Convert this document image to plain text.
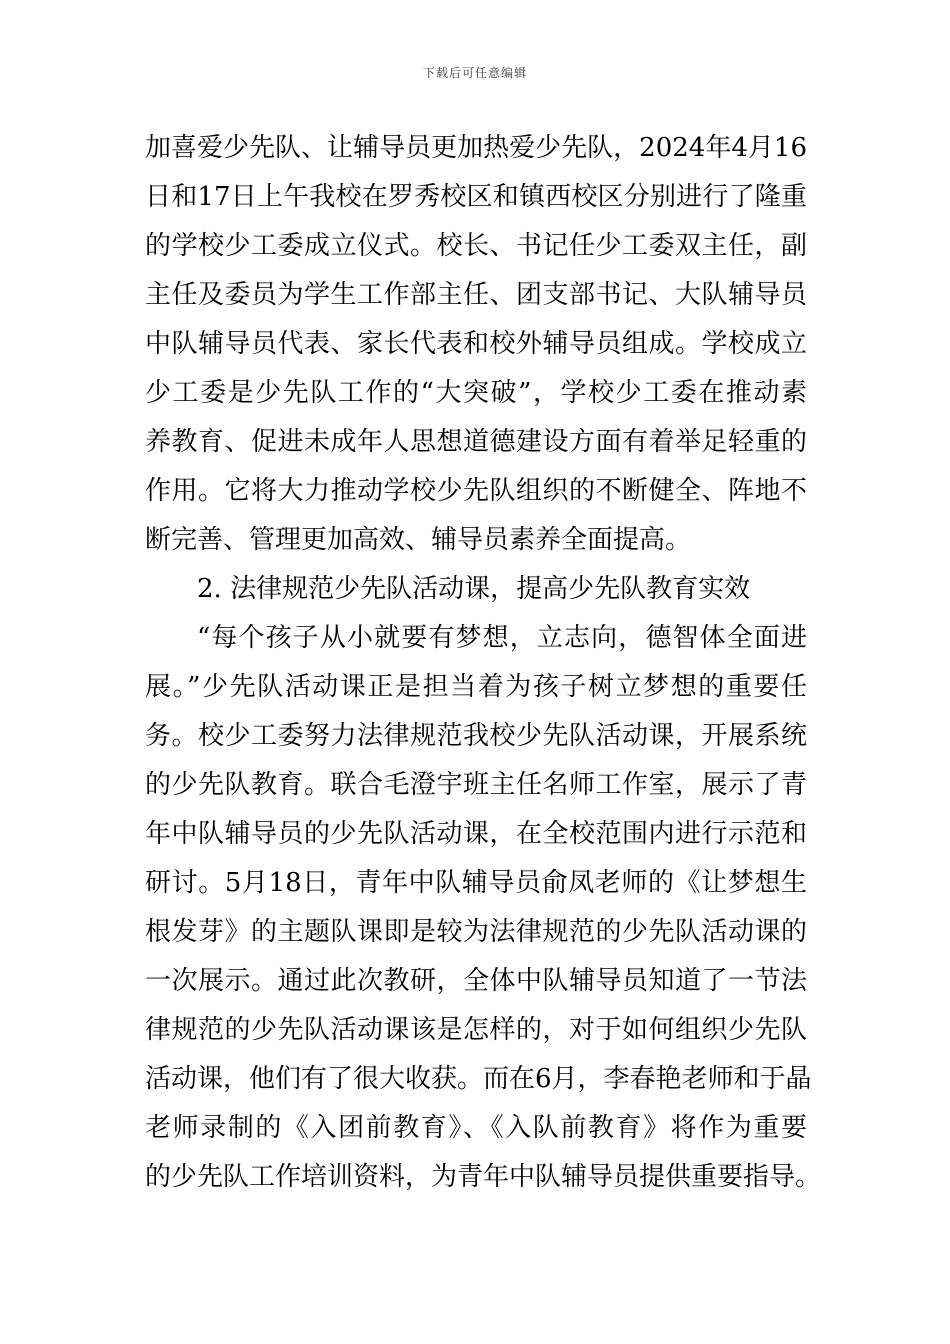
下载后可任意编辑
加喜爱少先队、让辅导员更加热爱少先队，2024年4月16
日和17日上午我校在罗秀校区和镇西校区分别进行了隆重
的学校少工委成立仪式。校长、书记任少工委双主任，副
主任及委员为学生工作部主任、团支部书记、大队辅导员
中队辅导员代表、家长代表和校外辅导员组成。学校成立
少工委是少先队工作的“大突破”，学校少工委在推动素
养教育、促进未成年人思想道德建设方面有着举足轻重的
作用。它将大力推动学校少先队组织的不断健全、阵地不
断完善、管理更加高效、辅导员素养全面提高。
2. 法律规范少先队活动课，提高少先队教育实效
“每个孩子从小就要有梦想，立志向，德智体全面进
展。”少先队活动课正是担当着为孩子树立梦想的重要任
务。校少工委努力法律规范我校少先队活动课，开展系统
的少先队教育。联合毛澄宇班主任名师工作室，展示了青
年中队辅导员的少先队活动课，在全校范围内进行示范和
研讨。5月18日，青年中队辅导员俞凤老师的《让梦想生
根发芽》的主题队课即是较为法律规范的少先队活动课的
一次展示。通过此次教研，全体中队辅导员知道了一节法
律规范的少先队活动课该是怎样的，对于如何组织少先队
活动课，他们有了很大收获。而在6月，李春艳老师和于晶
老师录制的《入团前教育》、《入队前教育》将作为重要
的少先队工作培训资料，为青年中队辅导员提供重要指导。
